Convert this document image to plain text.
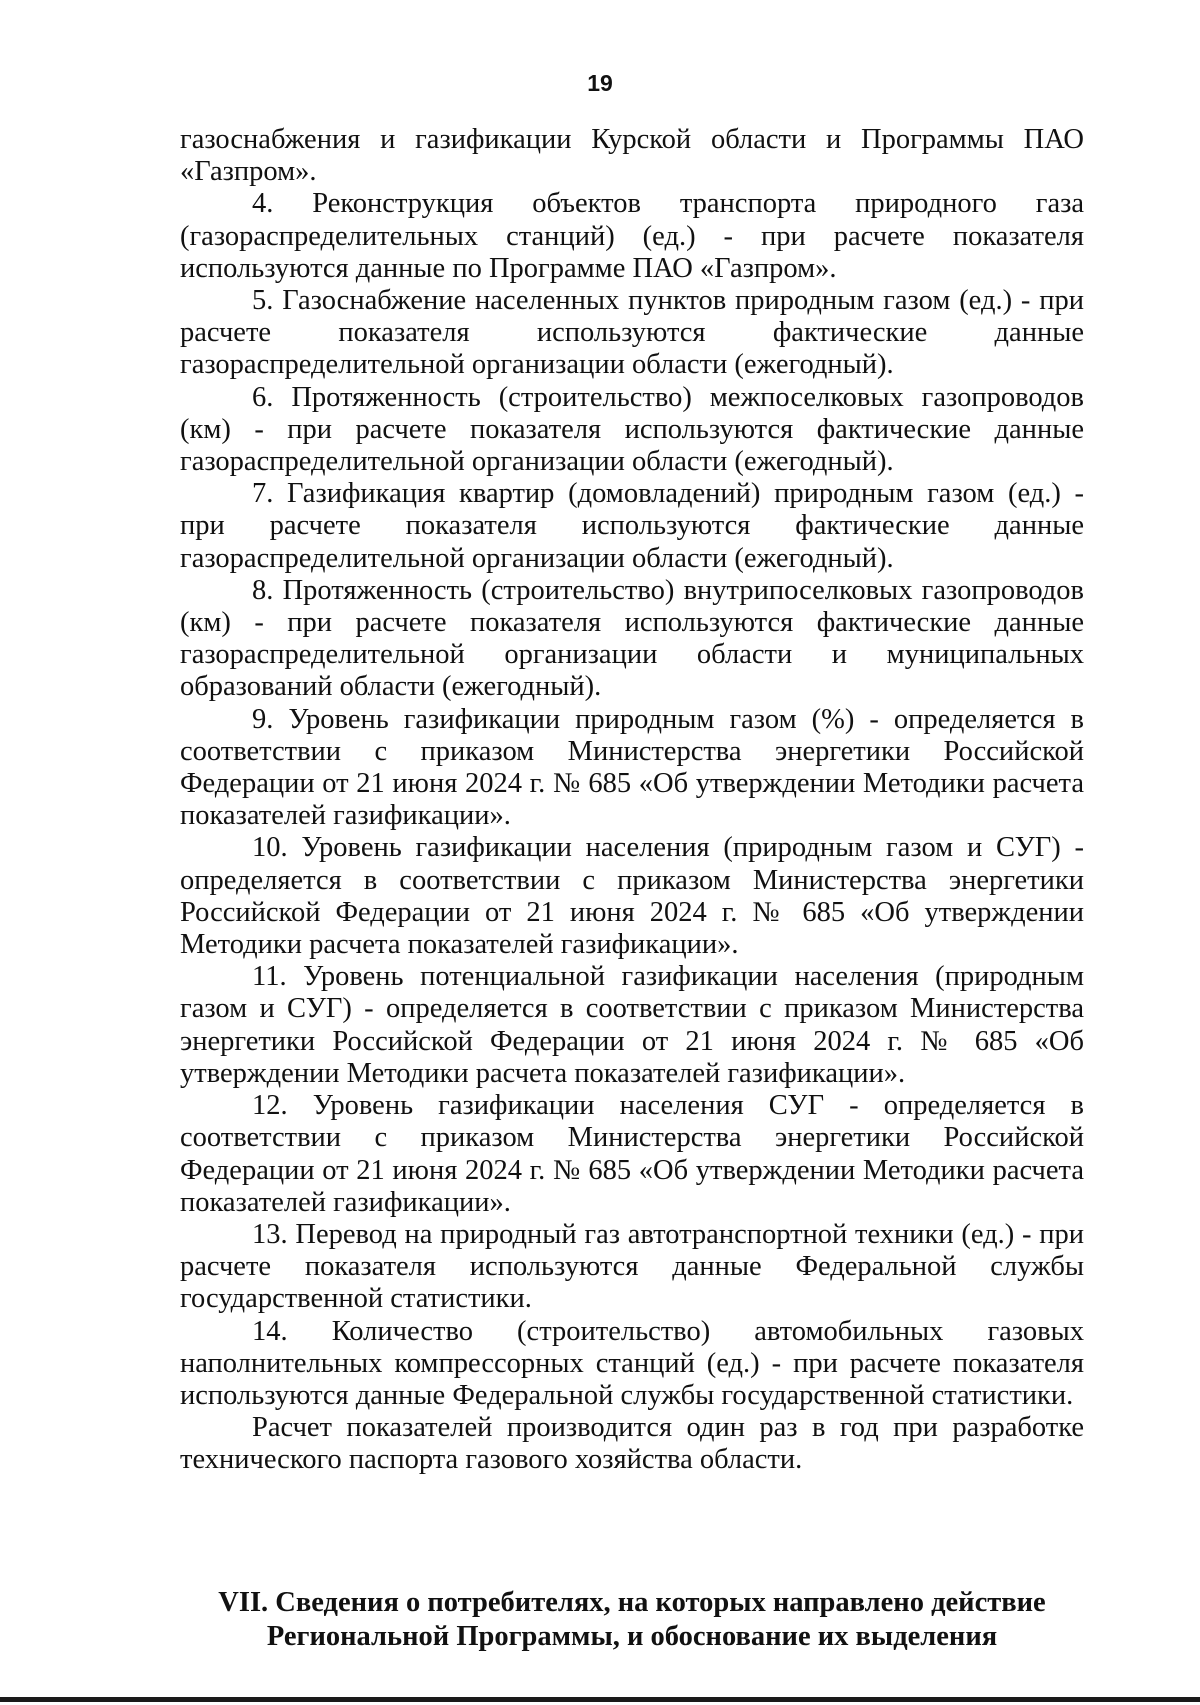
19

газоснабжения и газификации Курской области и Программы ПАО «Газпром».

4. Реконструкция объектов транспорта природного газа (газораспределительных станций) (ед.) - при расчете показателя используются данные по Программе ПАО «Газпром».

5. Газоснабжение населенных пунктов природным газом (ед.) - при расчете показателя используются фактические данные газораспределительной организации области (ежегодный).

6. Протяженность (строительство) межпоселковых газопроводов (км) - при расчете показателя используются фактические данные газораспределительной организации области (ежегодный).

7. Газификация квартир (домовладений) природным газом (ед.) - при расчете показателя используются фактические данные газораспределительной организации области (ежегодный).

8. Протяженность (строительство) внутрипоселковых газопроводов (км) - при расчете показателя используются фактические данные газораспределительной организации области и муниципальных образований области (ежегодный).

9. Уровень газификации природным газом (%) - определяется в соответствии с приказом Министерства энергетики Российской Федерации от 21 июня 2024 г. № 685 «Об утверждении Методики расчета показателей газификации».

10. Уровень газификации населения (природным газом и СУГ) - определяется в соответствии с приказом Министерства энергетики Российской Федерации от 21 июня 2024 г. № 685 «Об утверждении Методики расчета показателей газификации».

11. Уровень потенциальной газификации населения (природным газом и СУГ) - определяется в соответствии с приказом Министерства энергетики Российской Федерации от 21 июня 2024 г. № 685 «Об утверждении Методики расчета показателей газификации».

12. Уровень газификации населения СУГ - определяется в соответствии с приказом Министерства энергетики Российской Федерации от 21 июня 2024 г. № 685 «Об утверждении Методики расчета показателей газификации».

13. Перевод на природный газ автотранспортной техники (ед.) - при расчете показателя используются данные Федеральной службы государственной статистики.

14. Количество (строительство) автомобильных газовых наполнительных компрессорных станций (ед.) - при расчете показателя используются данные Федеральной службы государственной статистики.

Расчет показателей производится один раз в год при разработке технического паспорта газового хозяйства области.

VII. Сведения о потребителях, на которых направлено действие
Региональной Программы, и обоснование их выделения
